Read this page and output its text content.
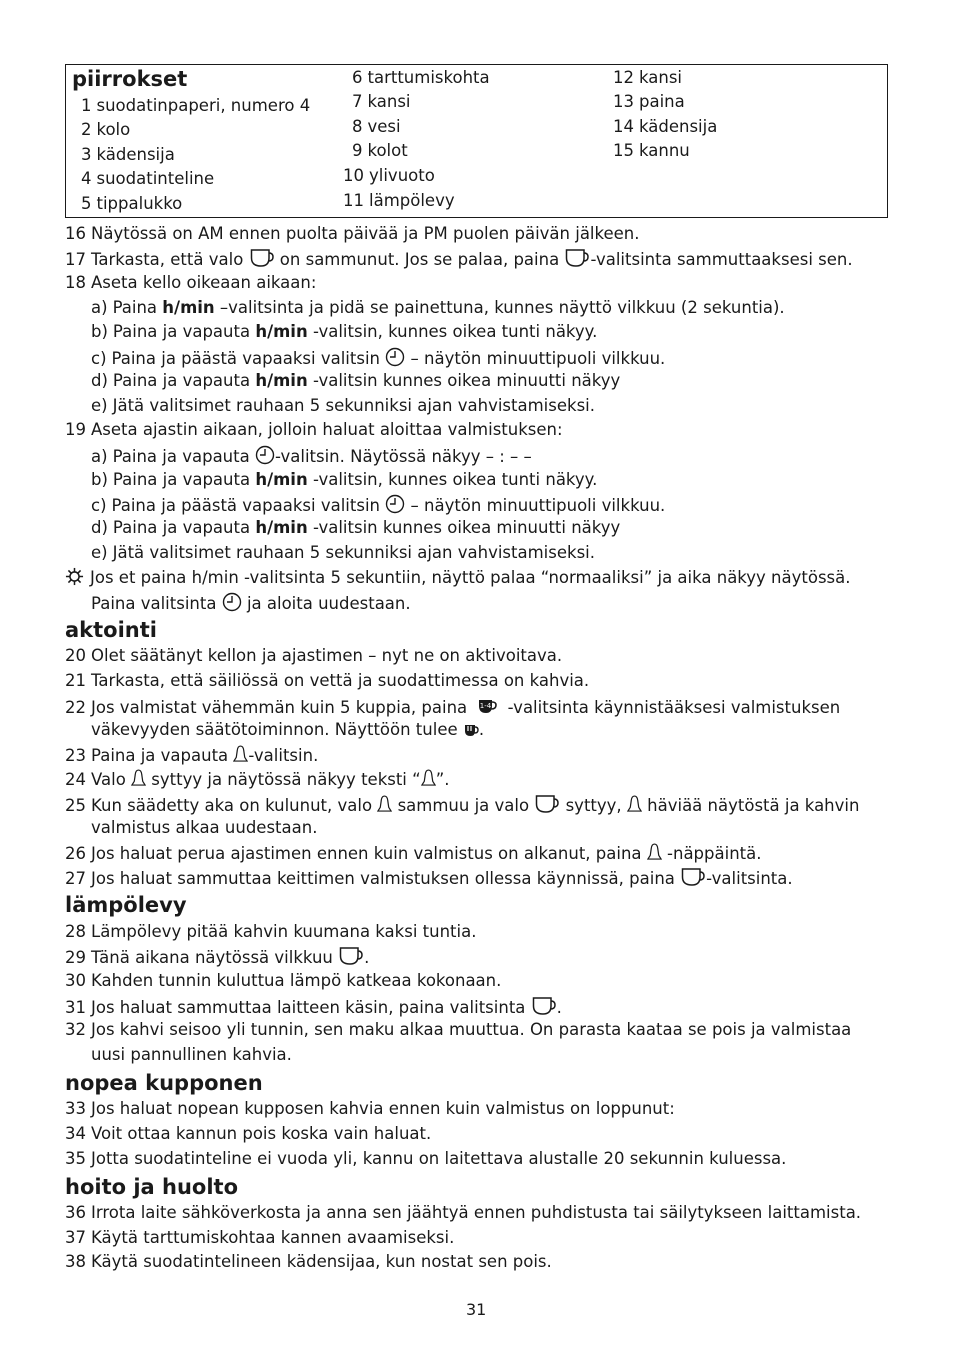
piirrokset
1 suodatinpaperi, numero 4
2 kolo
3 kädensija
4 suodatinteline
5 tippalukko
6 tarttumiskohta
7 kansi
8 vesi
9 kolot
10 ylivuoto
11 lämpölevy
12 kansi
13 paina
14 kädensija
15 kannu
16 Näytössä on AM ennen puolta päivää ja PM puolen päivän jälkeen.
17 Tarkasta, että valo on sammunut. Jos se palaa, paina -valitsinta sammuttaaksesi sen.
18 Aseta kello oikeaan aikaan:
a) Paina h/min –valitsinta ja pidä se painettuna, kunnes näyttö vilkkuu (2 sekuntia).
b) Paina ja vapauta h/min -valitsin, kunnes oikea tunti näkyy.
c) Paina ja päästä vapaaksi valitsin – näytön minuuttipuoli vilkkuu.
d) Paina ja vapauta h/min -valitsin kunnes oikea minuutti näkyy
e) Jätä valitsimet rauhaan 5 sekunniksi ajan vahvistamiseksi.
19 Aseta ajastin aikaan, jolloin haluat aloittaa valmistuksen:
a) Paina ja vapauta -valitsin. Näytössä näkyy – : – –
b) Paina ja vapauta h/min -valitsin, kunnes oikea tunti näkyy.
c) Paina ja päästä vapaaksi valitsin – näytön minuuttipuoli vilkkuu.
d) Paina ja vapauta h/min -valitsin kunnes oikea minuutti näkyy
e) Jätä valitsimet rauhaan 5 sekunniksi ajan vahvistamiseksi.
Jos et paina h/min -valitsinta 5 sekuntiin, näyttö palaa “normaaliksi” ja aika näkyy näytössä.
Paina valitsinta  ja aloita uudestaan.
aktointi
20 Olet säätänyt kellon ja ajastimen – nyt ne on aktivoitava.
21 Tarkasta, että säiliössä on vettä ja suodattimessa on kahvia.
22 Jos valmistat vähemmän kuin 5 kuppia, paina -valitsinta käynnistääksesi valmistuksen
väkevyyden säätötoiminnon. Näyttöön tulee .
23 Paina ja vapauta -valitsin.
24 Valo syttyy ja näytössä näkyy teksti “ ”.
25 Kun säädetty aka on kulunut, valo sammuu ja valo syttyy, häviää näytöstä ja kahvin
valmistus alkaa uudestaan.
26 Jos haluat perua ajastimen ennen kuin valmistus on alkanut, paina -näppäintä.
27 Jos haluat sammuttaa keittimen valmistuksen ollessa käynnissä, paina -valitsinta.
lämpölevy
28 Lämpölevy pitää kahvin kuumana kaksi tuntia.
29 Tänä aikana näytössä vilkkuu .
30 Kahden tunnin kuluttua lämpö katkeaa kokonaan.
31 Jos haluat sammuttaa laitteen käsin, paina valitsinta .
32 Jos kahvi seisoo yli tunnin, sen maku alkaa muuttua. On parasta kaataa se pois ja valmistaa
uusi pannullinen kahvia.
nopea kupponen
33 Jos haluat nopean kupposen kahvia ennen kuin valmistus on loppunut:
34 Voit ottaa kannun pois koska vain haluat.
35 Jotta suodatinteline ei vuoda yli, kannu on laitettava alustalle 20 sekunnin kuluessa.
hoito ja huolto
36 Irrota laite sähköverkosta ja anna sen jäähtyä ennen puhdistusta tai säilytykseen laittamista.
37 Käytä tarttumiskohtaa kannen avaamiseksi.
38 Käytä suodatintelineen kädensijaa, kun nostat sen pois.
31
